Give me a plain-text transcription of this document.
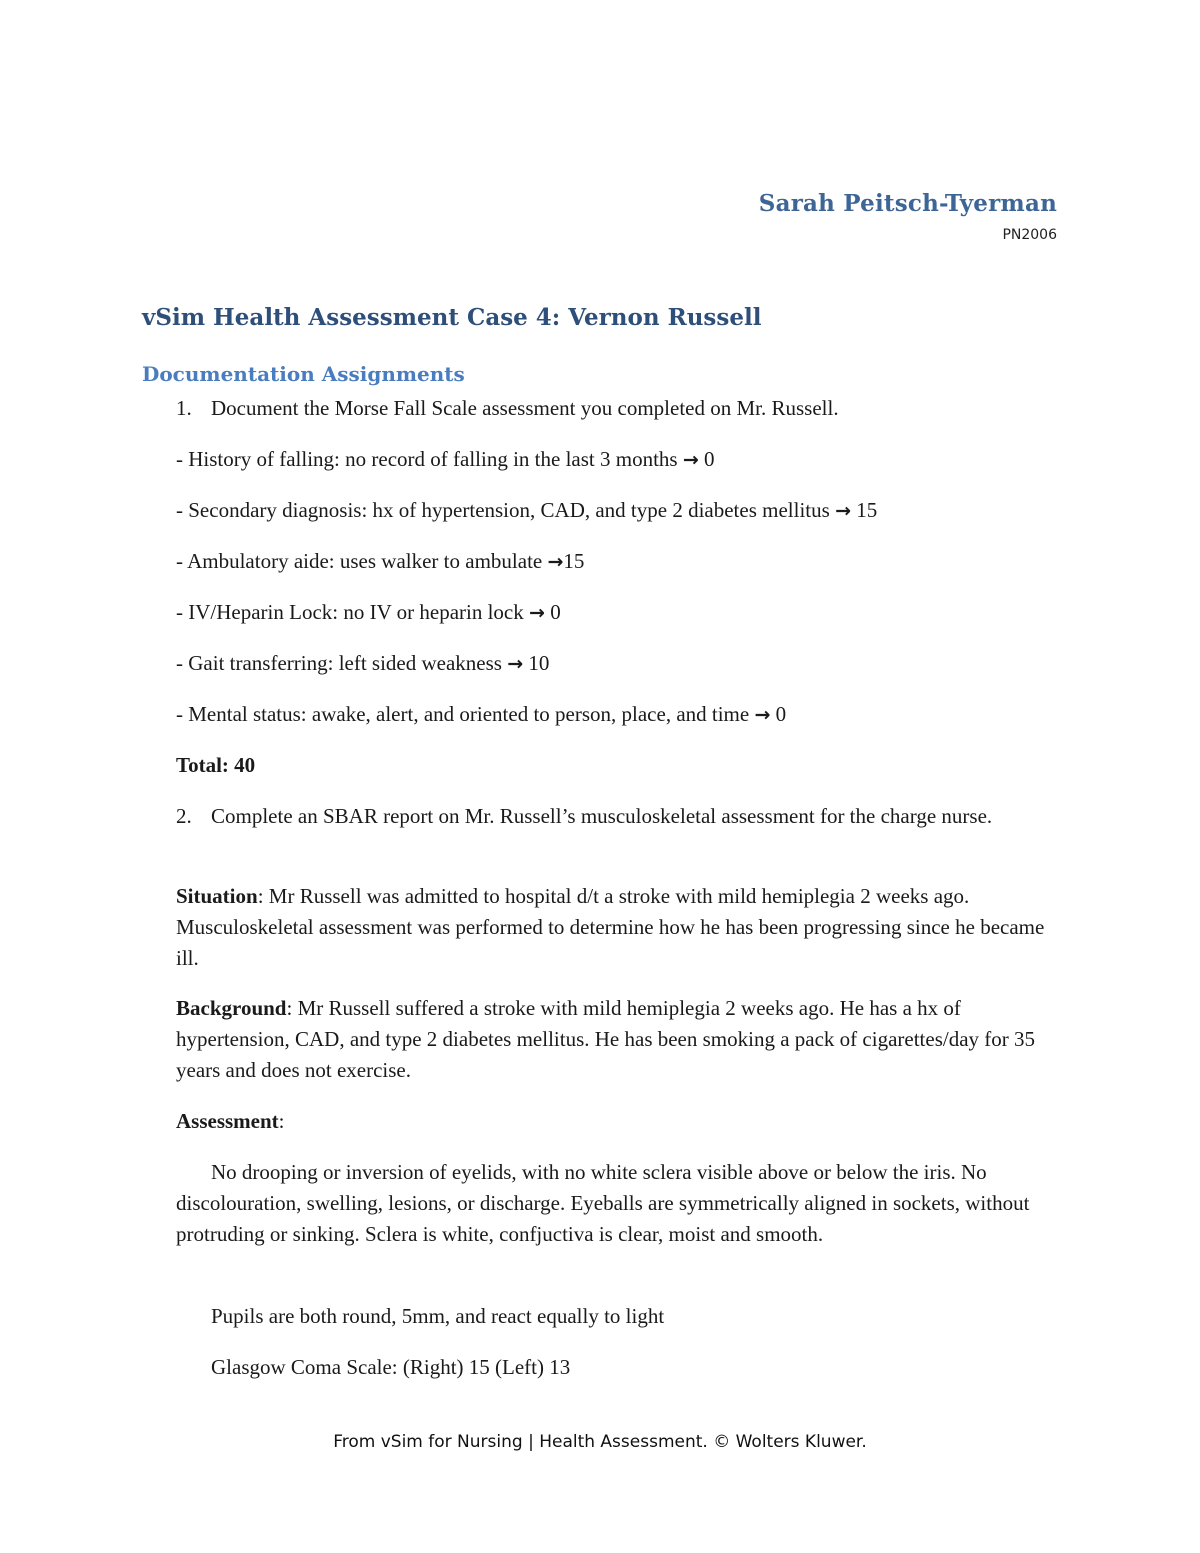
Sarah Peitsch-Tyerman
PN2006
vSim Health Assessment Case 4: Vernon Russell
Documentation Assignments
1. Document the Morse Fall Scale assessment you completed on Mr. Russell.
- History of falling: no record of falling in the last 3 months → 0
- Secondary diagnosis: hx of hypertension, CAD, and type 2 diabetes mellitus → 15
- Ambulatory aide: uses walker to ambulate →15
- IV/Heparin Lock: no IV or heparin lock → 0
- Gait transferring: left sided weakness → 10
- Mental status: awake, alert, and oriented to person, place, and time → 0
Total: 40
2. Complete an SBAR report on Mr. Russell’s musculoskeletal assessment for the charge nurse.
Situation: Mr Russell was admitted to hospital d/t a stroke with mild hemiplegia 2 weeks ago. Musculoskeletal assessment was performed to determine how he has been progressing since he became ill.
Background: Mr Russell suffered a stroke with mild hemiplegia 2 weeks ago. He has a hx of hypertension, CAD, and type 2 diabetes mellitus. He has been smoking a pack of cigarettes/day for 35 years and does not exercise.
Assessment:
No drooping or inversion of eyelids, with no white sclera visible above or below the iris. No discolouration, swelling, lesions, or discharge. Eyeballs are symmetrically aligned in sockets, without protruding or sinking. Sclera is white, confjuctiva is clear, moist and smooth.
Pupils are both round, 5mm, and react equally to light
Glasgow Coma Scale: (Right) 15 (Left) 13
From vSim for Nursing | Health Assessment. © Wolters Kluwer.
